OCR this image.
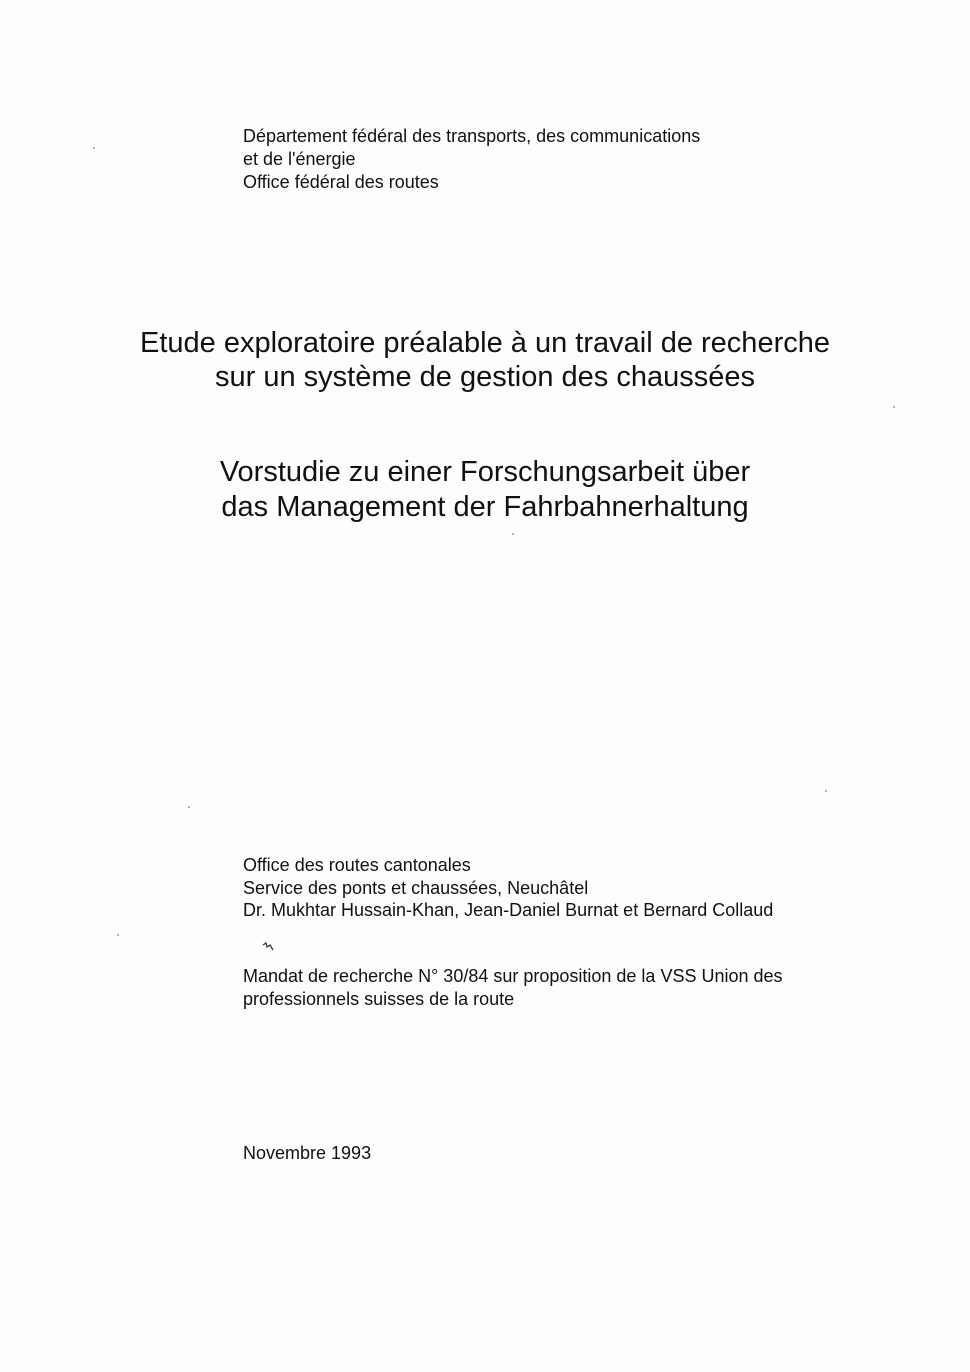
Département fédéral des transports, des communications
et de l'énergie
Office fédéral des routes
Etude exploratoire préalable à un travail de recherche
sur un système de gestion des chaussées
Vorstudie zu einer Forschungsarbeit über
das Management der Fahrbahnerhaltung
Office des routes cantonales
Service des ponts et chaussées, Neuchâtel
Dr. Mukhtar Hussain-Khan, Jean-Daniel Burnat et Bernard Collaud
Mandat de recherche N° 30/84 sur proposition de la VSS Union des
professionnels suisses de la route
Novembre 1993
